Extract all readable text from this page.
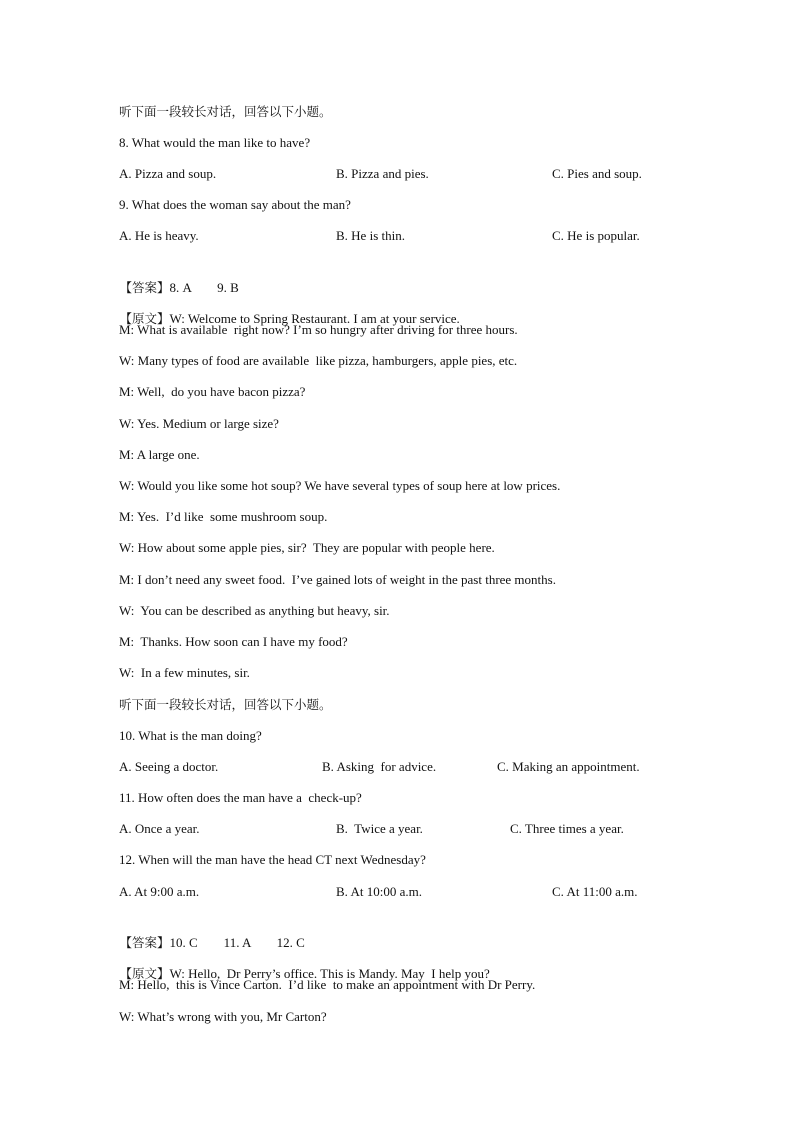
听下面一段较长对话，回答以下小题。
8. What would the man like to have?

A. Pizza and soup.

	B. Pizza and pies.

	C. Pies and soup.

9. What does the woman say about the man?

A. He is heavy.

	B. He is thin.

	C. He is popular.

【答案】8. A        9. B

【原文】W: Welcome to Spring Restaurant. I am at your service.

M: What is available  right now? I’m so hungry after driving for three hours.
W: Many types of food are available  like pizza, hamburgers, apple pies, etc.
M: Well,  do you have bacon pizza?
W: Yes. Medium or large size?
M: A large one.
W: Would you like some hot soup? We have several types of soup here at low prices.
M: Yes.  I’d like  some mushroom soup.
W: How about some apple pies, sir?  They are popular with people here.
M: I don’t need any sweet food.  I’ve gained lots of weight in the past three months.
W:  You can be described as anything but heavy, sir.
M:  Thanks. How soon can I have my food?
W:  In a few minutes, sir.
听下面一段较长对话，回答以下小题。
10. What is the man doing?

A. Seeing a doctor.

	B. Asking  for advice.

	C. Making an appointment.

11. How often does the man have a  check-up?

A. Once a year.

	B.  Twice a year.

	C. Three times a year.

12. When will the man have the head CT next Wednesday?

A. At 9:00 a.m.

	B. At 10:00 a.m.

	C. At 11:00 a.m.

【答案】10. C        11. A        12. C

【原文】W: Hello,  Dr Perry’s office. This is Mandy. May  I help you?

M: Hello,  this is Vince Carton.  I’d like  to make an appointment with Dr Perry.
W: What’s wrong with you, Mr Carton?
